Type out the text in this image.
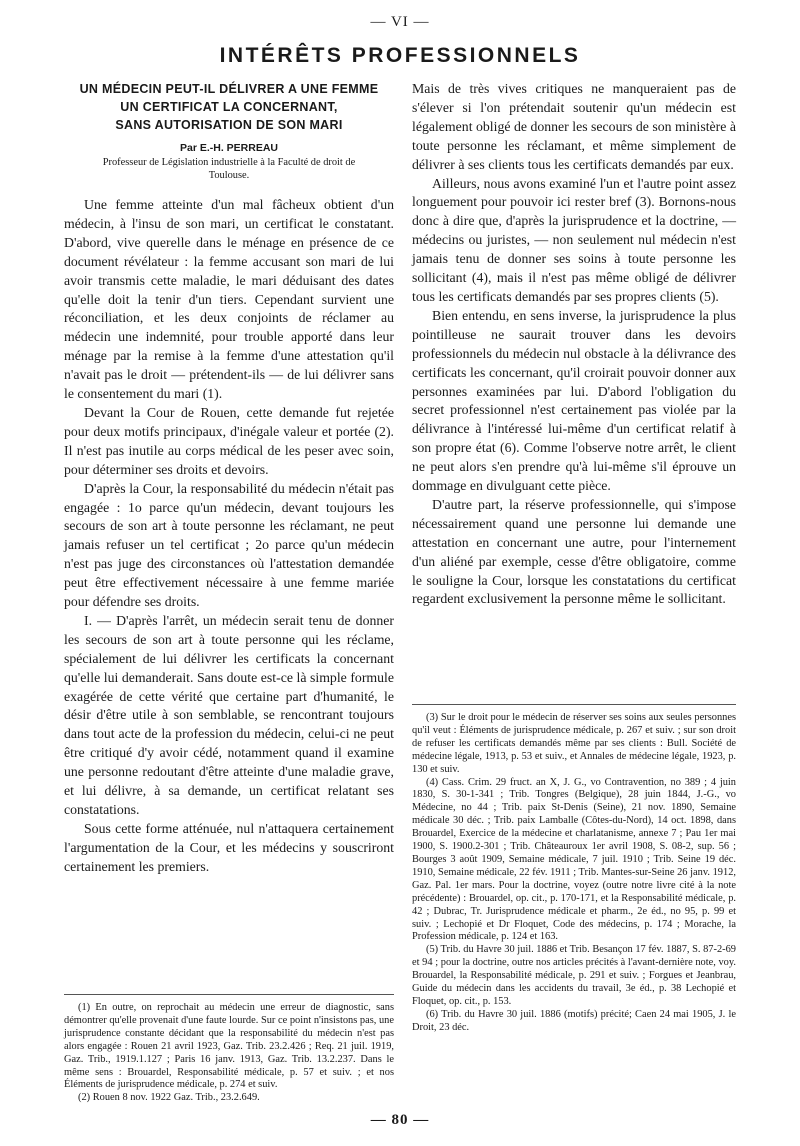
— VI —
INTÉRÊTS PROFESSIONNELS

UN MÉDECIN PEUT-IL DÉLIVRER A UNE FEMME
UN CERTIFICAT LA CONCERNANT,
SANS AUTORISATION DE SON MARI

Par E.-H. PERREAU

Professeur de Législation industrielle à la Faculté de droit de Toulouse.

Une femme atteinte d'un mal fâcheux obtient d'un médecin, à l'insu de son mari, un certificat le constatant. D'abord, vive querelle dans le ménage en présence de ce document révélateur : la femme accusant son mari de lui avoir transmis cette maladie, le mari déduisant des dates qu'elle doit la tenir d'un tiers. Cependant survient une réconciliation, et les deux conjoints de réclamer au médecin une indemnité, pour trouble apporté dans leur ménage par la remise à la femme d'une attestation qu'il n'avait pas le droit — prétendent-ils — de lui délivrer sans le consentement du mari (1).

Devant la Cour de Rouen, cette demande fut rejetée pour deux motifs principaux, d'inégale valeur et portée (2). Il n'est pas inutile au corps médical de les peser avec soin, pour déterminer ses droits et devoirs.

D'après la Cour, la responsabilité du médecin n'était pas engagée : 1o parce qu'un médecin, devant toujours les secours de son art à toute personne les réclamant, ne peut jamais refuser un tel certificat ; 2o parce qu'un médecin n'est pas juge des circonstances où l'attestation demandée peut être effectivement nécessaire à une femme mariée pour défendre ses droits.

I. — D'après l'arrêt, un médecin serait tenu de donner les secours de son art à toute personne qui les réclame, spécialement de lui délivrer les certificats la concernant qu'elle lui demanderait. Sans doute est-ce là simple formule exagérée de cette vérité que certaine part d'humanité, le désir d'être utile à son semblable, se rencontrant toujours dans tout acte de la profession du médecin, celui-ci ne peut être critiqué d'y avoir cédé, notamment quand il examine une personne redoutant d'être atteinte d'une maladie grave, et lui délivre, à sa demande, un certificat relatant ses constatations.

Sous cette forme atténuée, nul n'attaquera certainement l'argumentation de la Cour, et les médecins y souscriront certainement les premiers.

Mais de très vives critiques ne manqueraient pas de s'élever si l'on prétendait soutenir qu'un médecin est légalement obligé de donner les secours de son ministère à toute personne les réclamant, et même simplement de délivrer à ses clients tous les certificats demandés par eux.

Ailleurs, nous avons examiné l'un et l'autre point assez longuement pour pouvoir ici rester bref (3). Bornons-nous donc à dire que, d'après la jurisprudence et la doctrine, — médecins ou juristes, — non seulement nul médecin n'est jamais tenu de donner ses soins à toute personne les sollicitant (4), mais il n'est pas même obligé de délivrer tous les certificats demandés par ses propres clients (5).

Bien entendu, en sens inverse, la jurisprudence la plus pointilleuse ne saurait trouver dans les devoirs professionnels du médecin nul obstacle à la délivrance des certificats les concernant, qu'il croirait pouvoir donner aux personnes examinées par lui. D'abord l'obligation du secret professionnel n'est certainement pas violée par la délivrance à l'intéressé lui-même d'un certificat relatif à son propre état (6). Comme l'observe notre arrêt, le client ne peut alors s'en prendre qu'à lui-même s'il éprouve un dommage en divulguant cette pièce.

D'autre part, la réserve professionnelle, qui s'impose nécessairement quand une personne lui demande une attestation en concernant une autre, pour l'internement d'un aliéné par exemple, cesse d'être obligatoire, comme le souligne la Cour, lorsque les constatations du certificat regardent exclusivement la personne même le sollicitant.

(1) En outre, on reprochait au médecin une erreur de diagnostic, sans démontrer qu'elle provenait d'une faute lourde. Sur ce point n'insistons pas, une jurisprudence constante décidant que la responsabilité du médecin n'est pas alors engagée : Rouen 21 avril 1923, Gaz. Trib. 23.2.426 ; Req. 21 juil. 1919, Gaz. Trib., 1919.1.127 ; Paris 16 janv. 1913, Gaz. Trib. 13.2.237. Dans le même sens : Brouardel, Responsabilité médicale, p. 57 et suiv. ; et nos Éléments de jurisprudence médicale, p. 274 et suiv.

(2) Rouen 8 nov. 1922 Gaz. Trib., 23.2.649.

(3) Sur le droit pour le médecin de réserver ses soins aux seules personnes qu'il veut : Éléments de jurisprudence médicale, p. 267 et suiv. ; sur son droit de refuser les certificats demandés même par ses clients : Bull. Société de médecine légale, 1913, p. 53 et suiv., et Annales de médecine légale, 1923, p. 130 et suiv.

(4) Cass. Crim. 29 fruct. an X, J. G., vo Contravention, no 389 ; 4 juin 1830, S. 30-1-341 ; Trib. Tongres (Belgique), 28 juin 1844, J.-G., vo Médecine, no 44 ; Trib. paix St-Denis (Seine), 21 nov. 1890, Semaine médicale 30 déc. ; Trib. paix Lamballe (Côtes-du-Nord), 14 oct. 1898, dans Brouardel, Exercice de la médecine et charlatanisme, annexe 7 ; Pau 1er mai 1900, S. 1900.2-301 ; Trib. Châteauroux 1er avril 1908, S. 08-2, sup. 56 ; Bourges 3 août 1909, Semaine médicale, 7 juil. 1910 ; Trib. Seine 19 déc. 1910, Semaine médicale, 22 fév. 1911 ; Trib. Mantes-sur-Seine 26 janv. 1912, Gaz. Pal. 1er mars. Pour la doctrine, voyez (outre notre livre cité à la note précédente) : Brouardel, op. cit., p. 170-171, et la Responsabilité médicale, p. 42 ; Dubrac, Tr. Jurisprudence médicale et pharm., 2e éd., no 95, p. 99 et suiv. ; Lechopié et Dr Floquet, Code des médecins, p. 174 ; Morache, la Profession médicale, p. 124 et 163.

(5) Trib. du Havre 30 juil. 1886 et Trib. Besançon 17 fév. 1887, S. 87-2-69 et 94 ; pour la doctrine, outre nos articles précités à l'avant-dernière note, voy. Brouardel, la Responsabilité médicale, p. 291 et suiv. ; Forgues et Jeanbrau, Guide du médecin dans les accidents du travail, 3e éd., p. 38 Lechopié et Floquet, op. cit., p. 153.

(6) Trib. du Havre 30 juil. 1886 (motifs) précité; Caen 24 mai 1905, J. le Droit, 23 déc.

— 80 —
